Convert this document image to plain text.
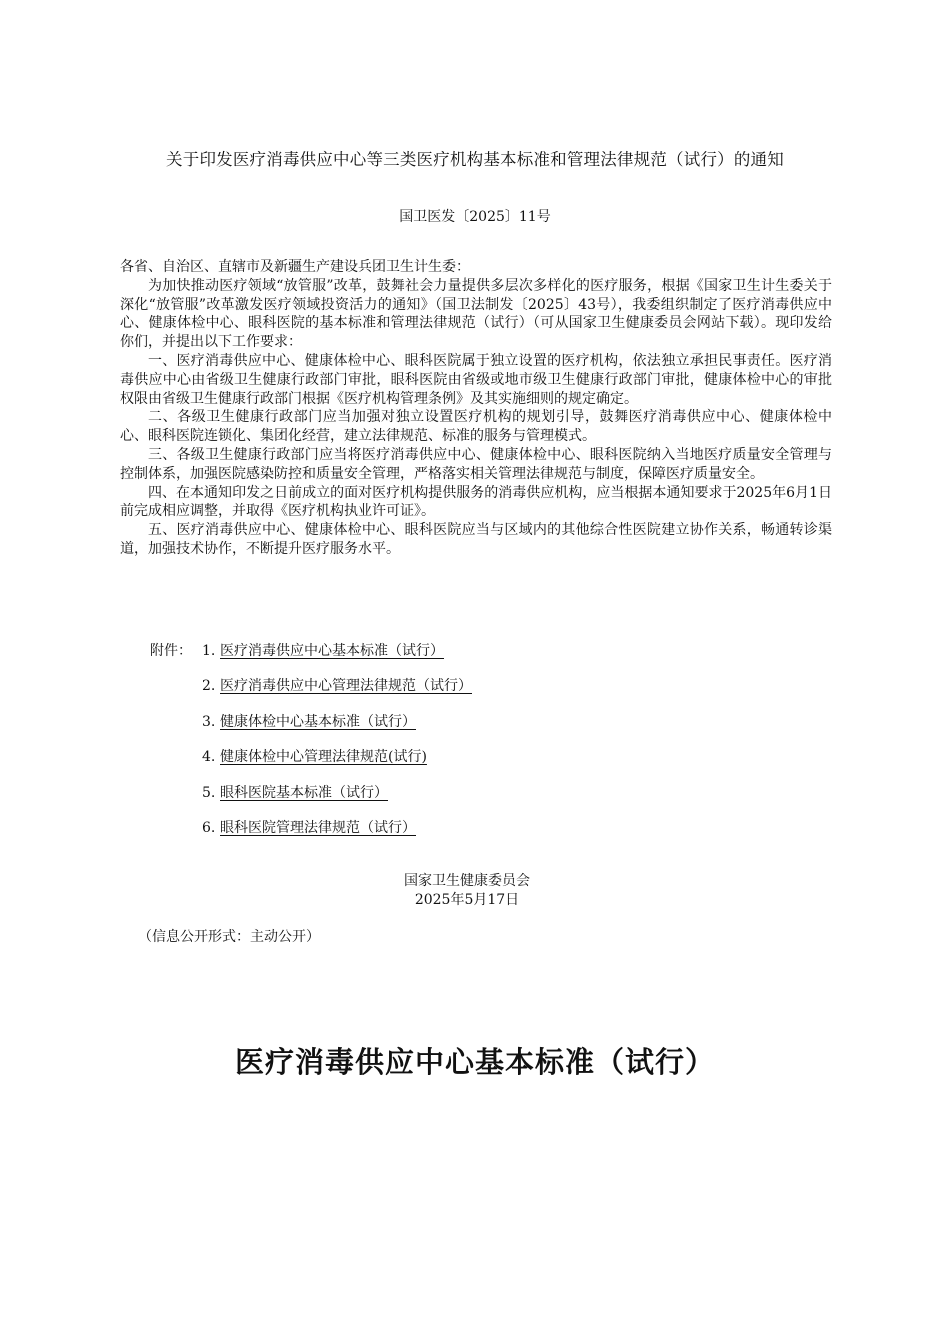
关于印发医疗消毒供应中心等三类医疗机构基本标准和管理法律规范（试行）的通知
国卫医发〔2025〕11号

各省、自治区、直辖市及新疆生产建设兵团卫生计生委：

为加快推动医疗领域“放管服”改革，鼓舞社会力量提供多层次多样化的医疗服务，根据《国家卫生计生委关于深化“放管服”改革激发医疗领域投资活力的通知》（国卫法制发〔2025〕43号），我委组织制定了医疗消毒供应中心、健康体检中心、眼科医院的基本标准和管理法律规范（试行）（可从国家卫生健康委员会网站下载）。现印发给你们，并提出以下工作要求：

一、医疗消毒供应中心、健康体检中心、眼科医院属于独立设置的医疗机构，依法独立承担民事责任。医疗消毒供应中心由省级卫生健康行政部门审批，眼科医院由省级或地市级卫生健康行政部门审批，健康体检中心的审批权限由省级卫生健康行政部门根据《医疗机构管理条例》及其实施细则的规定确定。

二、各级卫生健康行政部门应当加强对独立设置医疗机构的规划引导，鼓舞医疗消毒供应中心、健康体检中心、眼科医院连锁化、集团化经营，建立法律规范、标准的服务与管理模式。

三、各级卫生健康行政部门应当将医疗消毒供应中心、健康体检中心、眼科医院纳入当地医疗质量安全管理与控制体系，加强医院感染防控和质量安全管理，严格落实相关管理法律规范与制度，保障医疗质量安全。

四、在本通知印发之日前成立的面对医疗机构提供服务的消毒供应机构，应当根据本通知要求于2025年6月1日前完成相应调整，并取得《医疗机构执业许可证》。

五、医疗消毒供应中心、健康体检中心、眼科医院应当与区域内的其他综合性医院建立协作关系，畅通转诊渠道，加强技术协作，不断提升医疗服务水平。

附件： 1. 医疗消毒供应中心基本标准（试行）
2. 医疗消毒供应中心管理法律规范（试行）
3. 健康体检中心基本标准（试行）
4. 健康体检中心管理法律规范(试行)
5. 眼科医院基本标准（试行）
6. 眼科医院管理法律规范（试行）
国家卫生健康委员会
2025年5月17日
（信息公开形式：主动公开）
医疗消毒供应中心基本标准（试行）
